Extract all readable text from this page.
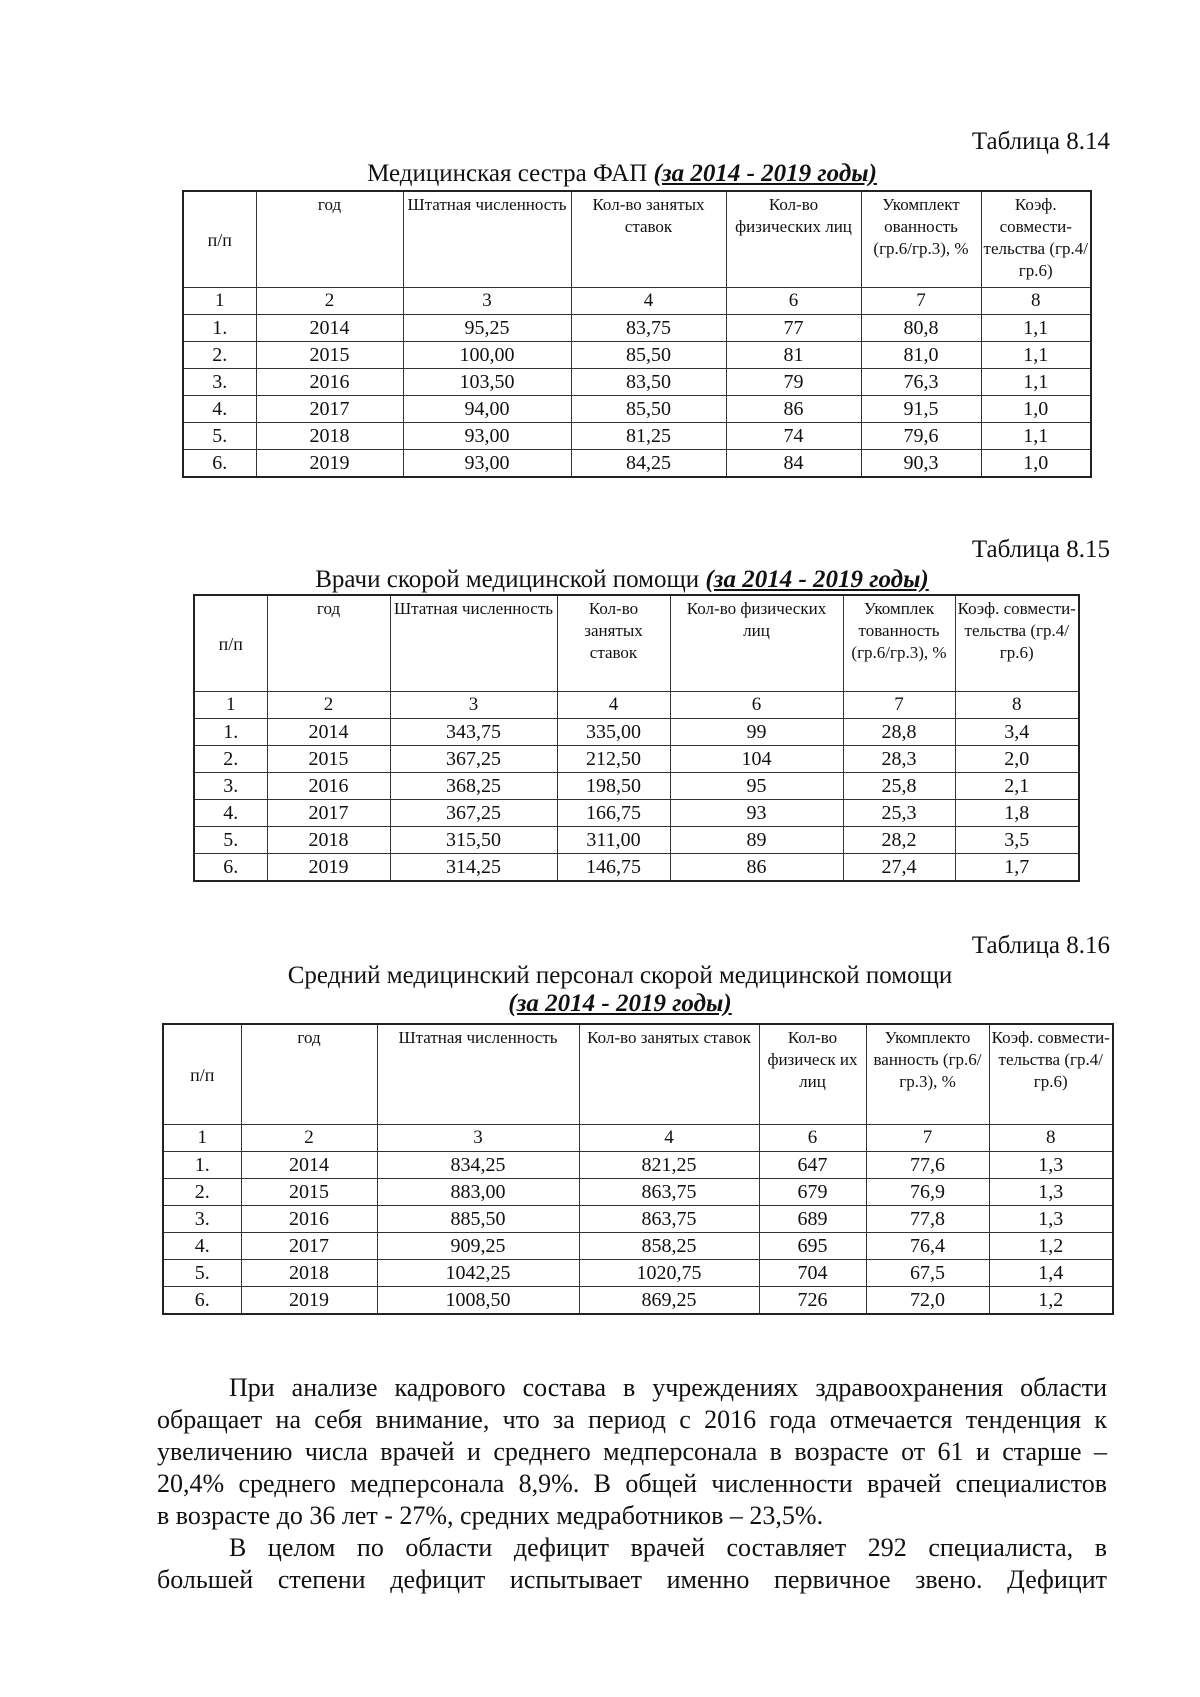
Таблица 8.14
Медицинская сестра ФАП (за 2014 - 2019 годы)
п/п	год	Штатная численность	Кол-во занятых ставок	Кол-во физических лиц	Укомплект ованность (гр.6/гр.3), %	Коэф. совмести-тельства (гр.4/гр.6)
1	2	3	4	6	7	8
1.	2014	95,25	83,75	77	80,8	1,1
2.	2015	100,00	85,50	81	81,0	1,1
3.	2016	103,50	83,50	79	76,3	1,1
4.	2017	94,00	85,50	86	91,5	1,0
5.	2018	93,00	81,25	74	79,6	1,1
6.	2019	93,00	84,25	84	90,3	1,0
Таблица 8.15
Врачи скорой медицинской помощи (за 2014 - 2019 годы)
п/п	год	Штатная численность	Кол-во занятых ставок	Кол-во физических лиц	Укомплек тованность (гр.6/гр.3), %	Коэф. совмести-тельства (гр.4/гр.6)
1	2	3	4	6	7	8
1.	2014	343,75	335,00	99	28,8	3,4
2.	2015	367,25	212,50	104	28,3	2,0
3.	2016	368,25	198,50	95	25,8	2,1
4.	2017	367,25	166,75	93	25,3	1,8
5.	2018	315,50	311,00	89	28,2	3,5
6.	2019	314,25	146,75	86	27,4	1,7
Таблица 8.16
Средний медицинский персонал скорой медицинской помощи
(за 2014 - 2019 годы)
п/п	год	Штатная численность	Кол-во занятых ставок	Кол-во физическ их лиц	Укомплекто ванность (гр.6/гр.3), %	Коэф. совмести-тельства (гр.4/гр.6)
1	2	3	4	6	7	8
1.	2014	834,25	821,25	647	77,6	1,3
2.	2015	883,00	863,75	679	76,9	1,3
3.	2016	885,50	863,75	689	77,8	1,3
4.	2017	909,25	858,25	695	76,4	1,2
5.	2018	1042,25	1020,75	704	67,5	1,4
6.	2019	1008,50	869,25	726	72,0	1,2
При анализе кадрового состава в учреждениях здравоохранения области
обращает на себя внимание, что за период с 2016 года отмечается тенденция к
увеличению числа врачей и среднего медперсонала в возрасте от 61 и старше –
20,4% среднего медперсонала 8,9%. В общей численности врачей специалистов
в возрасте до 36 лет - 27%, средних медработников – 23,5%.
В целом по области дефицит врачей составляет 292 специалиста, в
большей степени дефицит испытывает именно первичное звено. Дефицит
